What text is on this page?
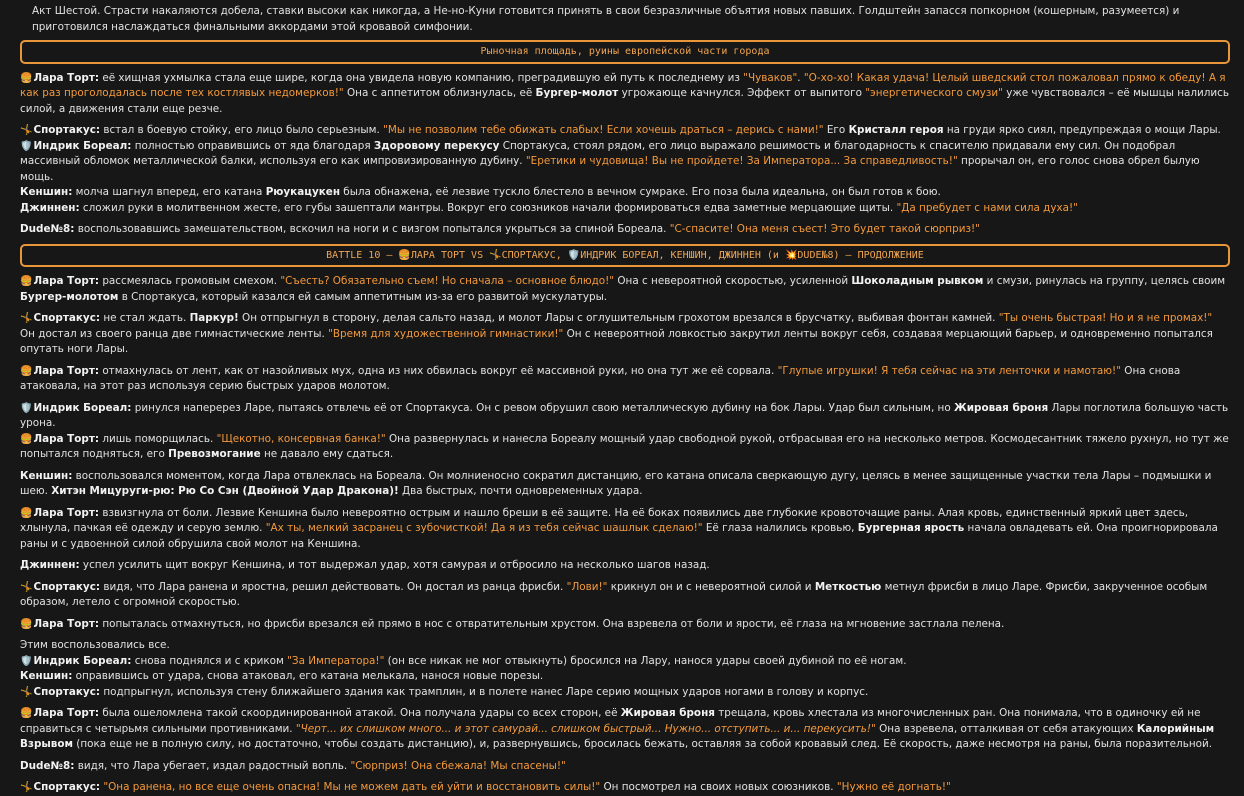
Акт Шестой. Страсти накаляются добела, ставки высоки как никогда, а Не-но-Куни готовится принять в свои безразличные объятия новых павших. Голдштейн запасся попкорном (кошерным, разумеется) и приготовился наслаждаться финальными аккордами этой кровавой симфонии.

Рыночная площадь, руины европейской части города

🍔Лара Торт: её хищная ухмылка стала еще шире, когда она увидела новую компанию, преградившую ей путь к последнему из "Чуваков". "О-хо-хо! Какая удача! Целый шведский стол пожаловал прямо к обеду! А я как раз проголодалась после тех костлявых недомерков!" Она с аппетитом облизнулась, её Бургер-молот угрожающе качнулся. Эффект от выпитого "энергетического смузи" уже чувствовался – её мышцы налились силой, а движения стали еще резче.

🤸Спортакус: встал в боевую стойку, его лицо было серьезным. "Мы не позволим тебе обижать слабых! Если хочешь драться – дерись с нами!" Его Кристалл героя на груди ярко сиял, предупреждая о мощи Лары.

🛡️Индрик Бореал: полностью оправившись от яда благодаря Здоровому перекусу Спортакуса, стоял рядом, его лицо выражало решимость и благодарность к спасителю придавали ему сил. Он подобрал массивный обломок металлической балки, используя его как импровизированную дубину. "Еретики и чудовища! Вы не пройдете! За Императора... За справедливость!" прорычал он, его голос снова обрел былую мощь.

Кеншин: молча шагнул вперед, его катана Рюукацукен была обнажена, её лезвие тускло блестело в вечном сумраке. Его поза была идеальна, он был готов к бою.

Джиннен: сложил руки в молитвенном жесте, его губы зашептали мантры. Вокруг его союзников начали формироваться едва заметные мерцающие щиты. "Да пребудет с нами сила духа!"

Dude№8: воспользовавшись замешательством, вскочил на ноги и с визгом попытался укрыться за спиной Бореала. "С-спасите! Она меня съест! Это будет такой сюрприз!"

BATTLE 10 – 🍔ЛАРА ТОРТ VS 🤸СПОРТАКУС, 🛡️ИНДРИК БОРЕАЛ, КЕНШИН, ДЖИННЕН (и 💥DUDE№8) – ПРОДОЛЖЕНИЕ

🍔Лара Торт: рассмеялась громовым смехом. "Съесть? Обязательно съем! Но сначала – основное блюдо!" Она с невероятной скоростью, усиленной Шоколадным рывком и смузи, ринулась на группу, целясь своим Бургер-молотом в Спортакуса, который казался ей самым аппетитным из-за его развитой мускулатуры.

🤸Спортакус: не стал ждать. Паркур! Он отпрыгнул в сторону, делая сальто назад, и молот Лары с оглушительным грохотом врезался в брусчатку, выбивая фонтан камней. "Ты очень быстрая! Но и я не промах!" Он достал из своего ранца две гимнастические ленты. "Время для художественной гимнастики!" Он с невероятной ловкостью закрутил ленты вокруг себя, создавая мерцающий барьер, и одновременно попытался опутать ноги Лары.

🍔Лара Торт: отмахнулась от лент, как от назойливых мух, одна из них обвилась вокруг её массивной руки, но она тут же её сорвала. "Глупые игрушки! Я тебя сейчас на эти ленточки и намотаю!" Она снова атаковала, на этот раз используя серию быстрых ударов молотом.

🛡️Индрик Бореал: ринулся наперерез Ларе, пытаясь отвлечь её от Спортакуса. Он с ревом обрушил свою металлическую дубину на бок Лары. Удар был сильным, но Жировая броня Лары поглотила большую часть урона.

🍔Лара Торт: лишь поморщилась. "Щекотно, консервная банка!" Она развернулась и нанесла Бореалу мощный удар свободной рукой, отбрасывая его на несколько метров. Космодесантник тяжело рухнул, но тут же попытался подняться, его Превозмогание не давало ему сдаться.

Кеншин: воспользовался моментом, когда Лара отвлеклась на Бореала. Он молниеносно сократил дистанцию, его катана описала сверкающую дугу, целясь в менее защищенные участки тела Лары – подмышки и шею. Хитэн Мицуруги-рю: Рю Со Сэн (Двойной Удар Дракона)! Два быстрых, почти одновременных удара.

🍔Лара Торт: взвизгнула от боли. Лезвие Кеншина было невероятно острым и нашло бреши в её защите. На её боках появились две глубокие кровоточащие раны. Алая кровь, единственный яркий цвет здесь, хлынула, пачкая её одежду и серую землю. "Ах ты, мелкий засранец с зубочисткой! Да я из тебя сейчас шашлык сделаю!" Её глаза налились кровью, Бургерная ярость начала овладевать ей. Она проигнорировала раны и с удвоенной силой обрушила свой молот на Кеншина.

Джиннен: успел усилить щит вокруг Кеншина, и тот выдержал удар, хотя самурая и отбросило на несколько шагов назад.

🤸Спортакус: видя, что Лара ранена и яростна, решил действовать. Он достал из ранца фрисби. "Лови!" крикнул он и с невероятной силой и Меткостью метнул фрисби в лицо Ларе. Фрисби, закрученное особым образом, летело с огромной скоростью.

🍔Лара Торт: попыталась отмахнуться, но фрисби врезался ей прямо в нос с отвратительным хрустом. Она взревела от боли и ярости, её глаза на мгновение застлала пелена.

Этим воспользовались все.

🛡️Индрик Бореал: снова поднялся и с криком "За Императора!" (он все никак не мог отвыкнуть) бросился на Лару, нанося удары своей дубиной по её ногам.

Кеншин: оправившись от удара, снова атаковал, его катана мелькала, нанося новые порезы.

🤸Спортакус: подпрыгнул, используя стену ближайшего здания как трамплин, и в полете нанес Ларе серию мощных ударов ногами в голову и корпус.

🍔Лара Торт: была ошеломлена такой скоординированной атакой. Она получала удары со всех сторон, её Жировая броня трещала, кровь хлестала из многочисленных ран. Она понимала, что в одиночку ей не справиться с четырьмя сильными противниками. "Черт... их слишком много... и этот самурай... слишком быстрый... Нужно... отступить... и... перекусить!" Она взревела, отталкивая от себя атакующих Калорийным Взрывом (пока еще не в полную силу, но достаточно, чтобы создать дистанцию), и, развернувшись, бросилась бежать, оставляя за собой кровавый след. Её скорость, даже несмотря на раны, была поразительной.

Dude№8: видя, что Лара убегает, издал радостный вопль. "Сюрприз! Она сбежала! Мы спасены!"

🤸Спортакус: "Она ранена, но все еще очень опасна! Мы не можем дать ей уйти и восстановить силы!" Он посмотрел на своих новых союзников. "Нужно её догнать!"
